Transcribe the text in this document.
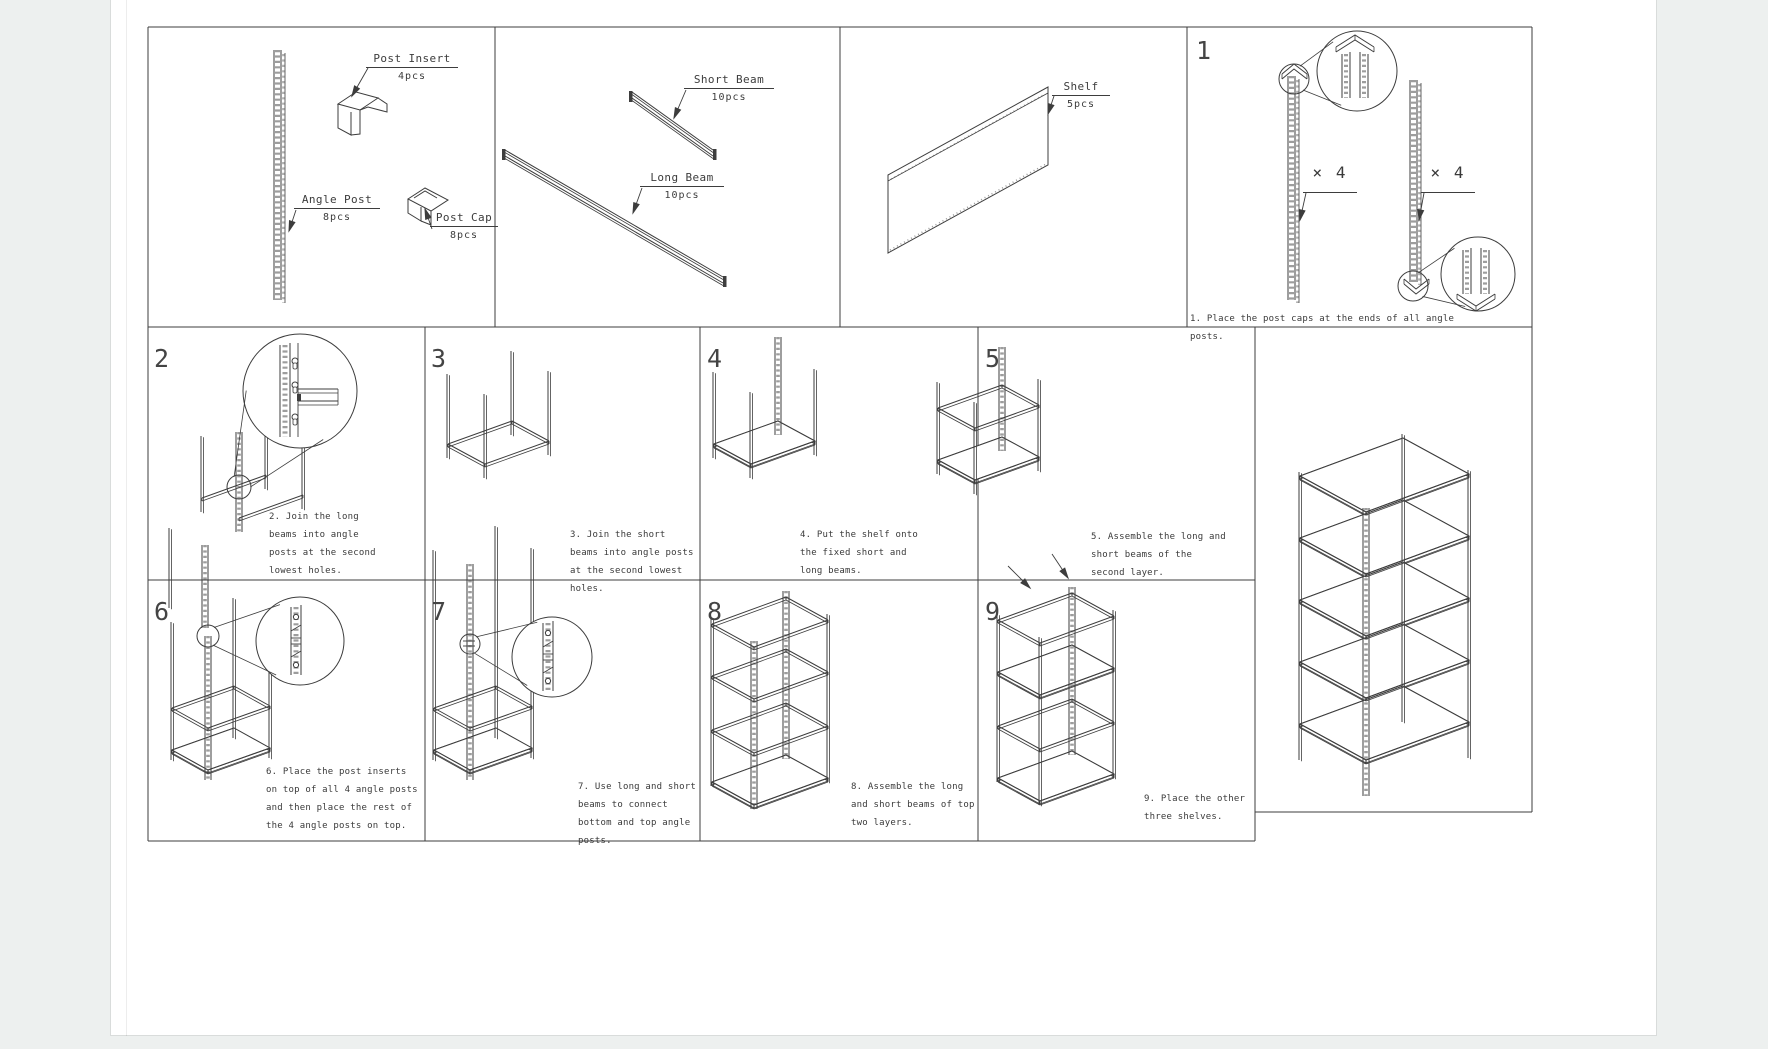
Post Insert
4pcs
Angle Post
8pcs	Post Cap
8pcs
Short Beam
10pcs
Long Beam
10pcs
Shelf
5pcs
1
2	3	4	5
6	7	8	9
× 4	× 4
1. Place the post caps at the ends of all angle posts.
2. Join the long beams into angle posts at the second lowest holes.
3. Join the short beams into angle posts at the second lowest holes.
4. Put the shelf onto the fixed short and long beams.
5. Assemble the long and short beams of the second layer.
6. Place the post inserts on top of all 4 angle posts and then place the rest of the 4 angle posts on top.
7. Use long and short beams to connect bottom and top angle posts.
8. Assemble the long and short beams of top two layers.
9. Place the other three shelves.
